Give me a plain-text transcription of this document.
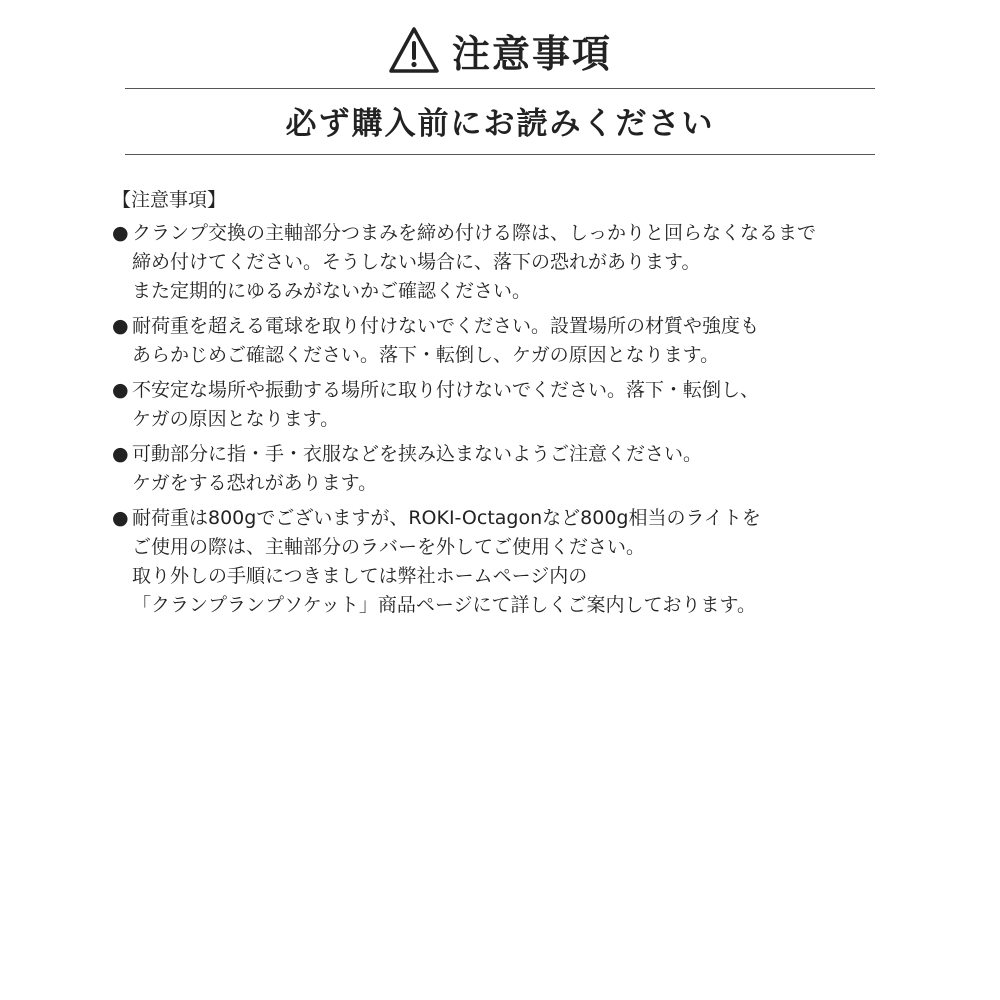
注意事項
必ず購入前にお読みください
【注意事項】
● クランプ交換の主軸部分つまみを締め付ける際は、しっかりと回らなくなるまで
締め付けてください。そうしない場合に、落下の恐れがあります。
また定期的にゆるみがないかご確認ください。
● 耐荷重を超える電球を取り付けないでください。設置場所の材質や強度も
あらかじめご確認ください。落下・転倒し、ケガの原因となります。
● 不安定な場所や振動する場所に取り付けないでください。落下・転倒し、
ケガの原因となります。
● 可動部分に指・手・衣服などを挟み込まないようご注意ください。
ケガをする恐れがあります。
● 耐荷重は800gでございますが、ROKI-Octagonなど800g相当のライトを
ご使用の際は、主軸部分のラバーを外してご使用ください。
取り外しの手順につきましては弊社ホームページ内の
「クランプランプソケット」商品ページにて詳しくご案内しております。
